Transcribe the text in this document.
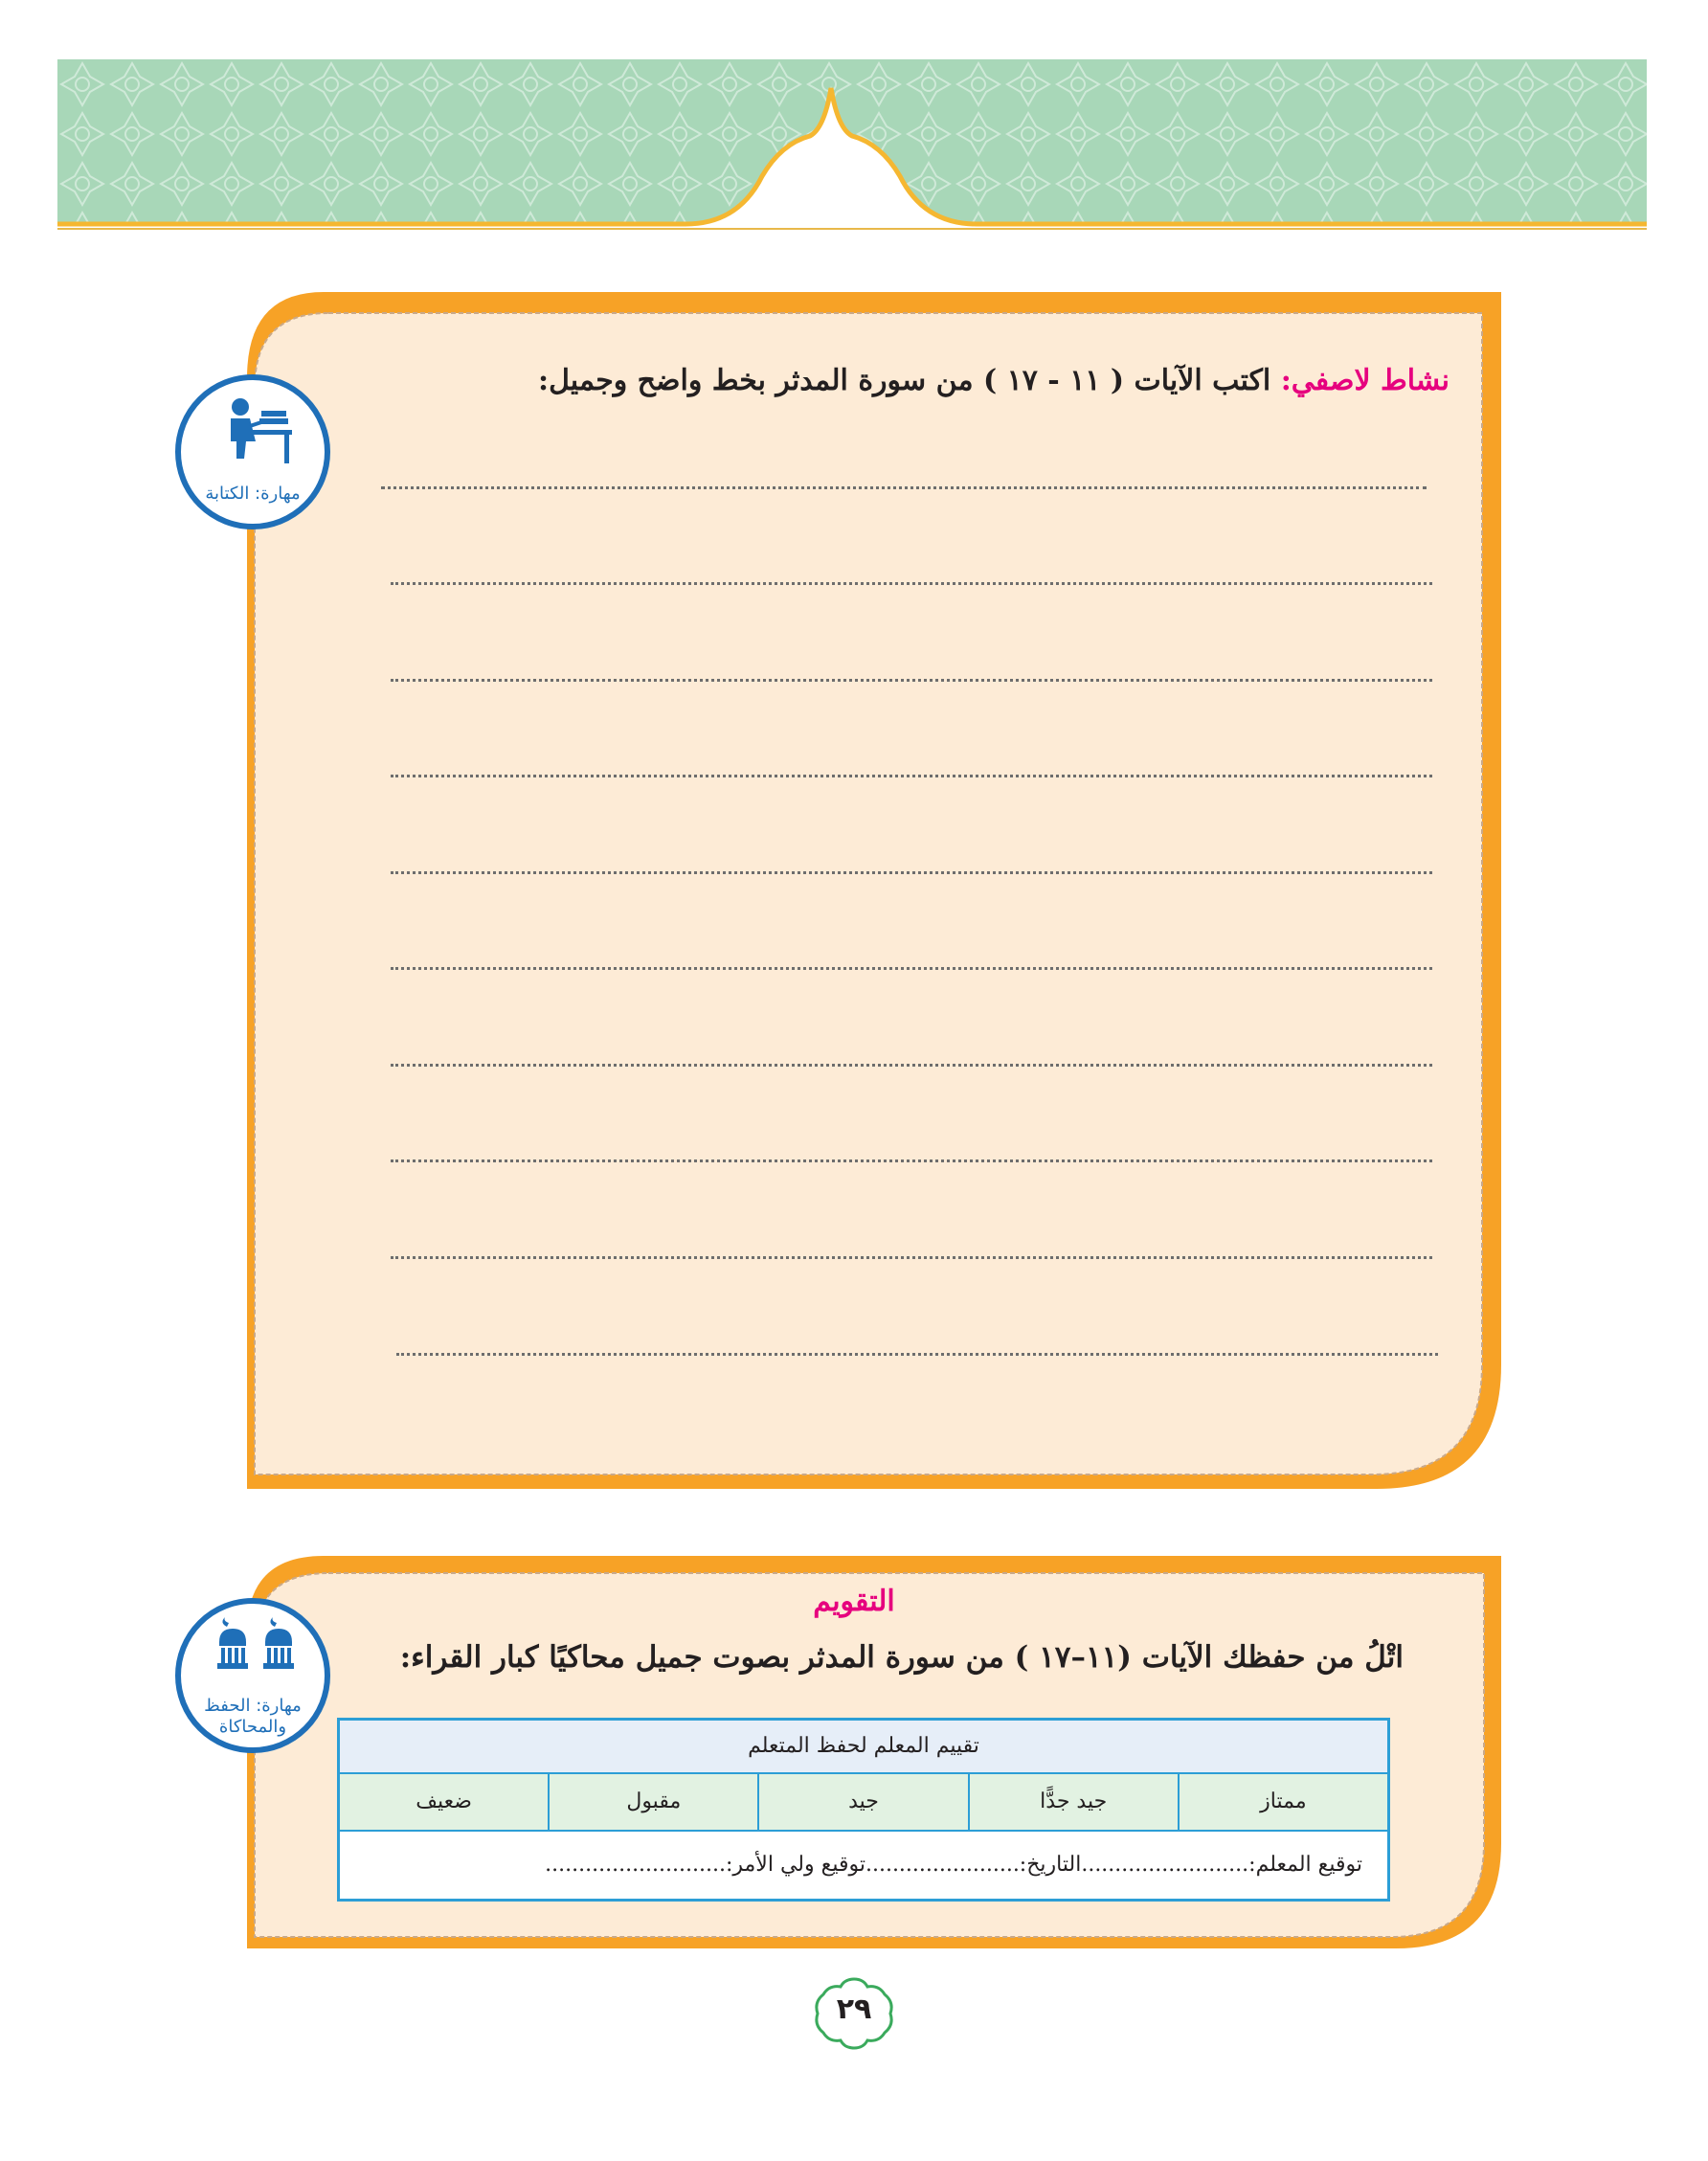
مهارة: الكتابة
نشاط لاصفي: اكتب الآيات ( ١١ - ١٧ ) من سورة المدثر بخط واضح وجميل:
مهارة: الحفظ
والمحاكاة
التقويم
اتْلُ من حفظك الآيات (١١–١٧ ) من سورة المدثر بصوت جميل محاكيًا كبار القراء:
تقييم المعلم لحفظ المتعلم
ممتاز
جيد جدًّا
جيد
مقبول
ضعيف
توقيع المعلم:.........................التاريخ:.......................توقيع ولي الأمر:...........................
٢٩
